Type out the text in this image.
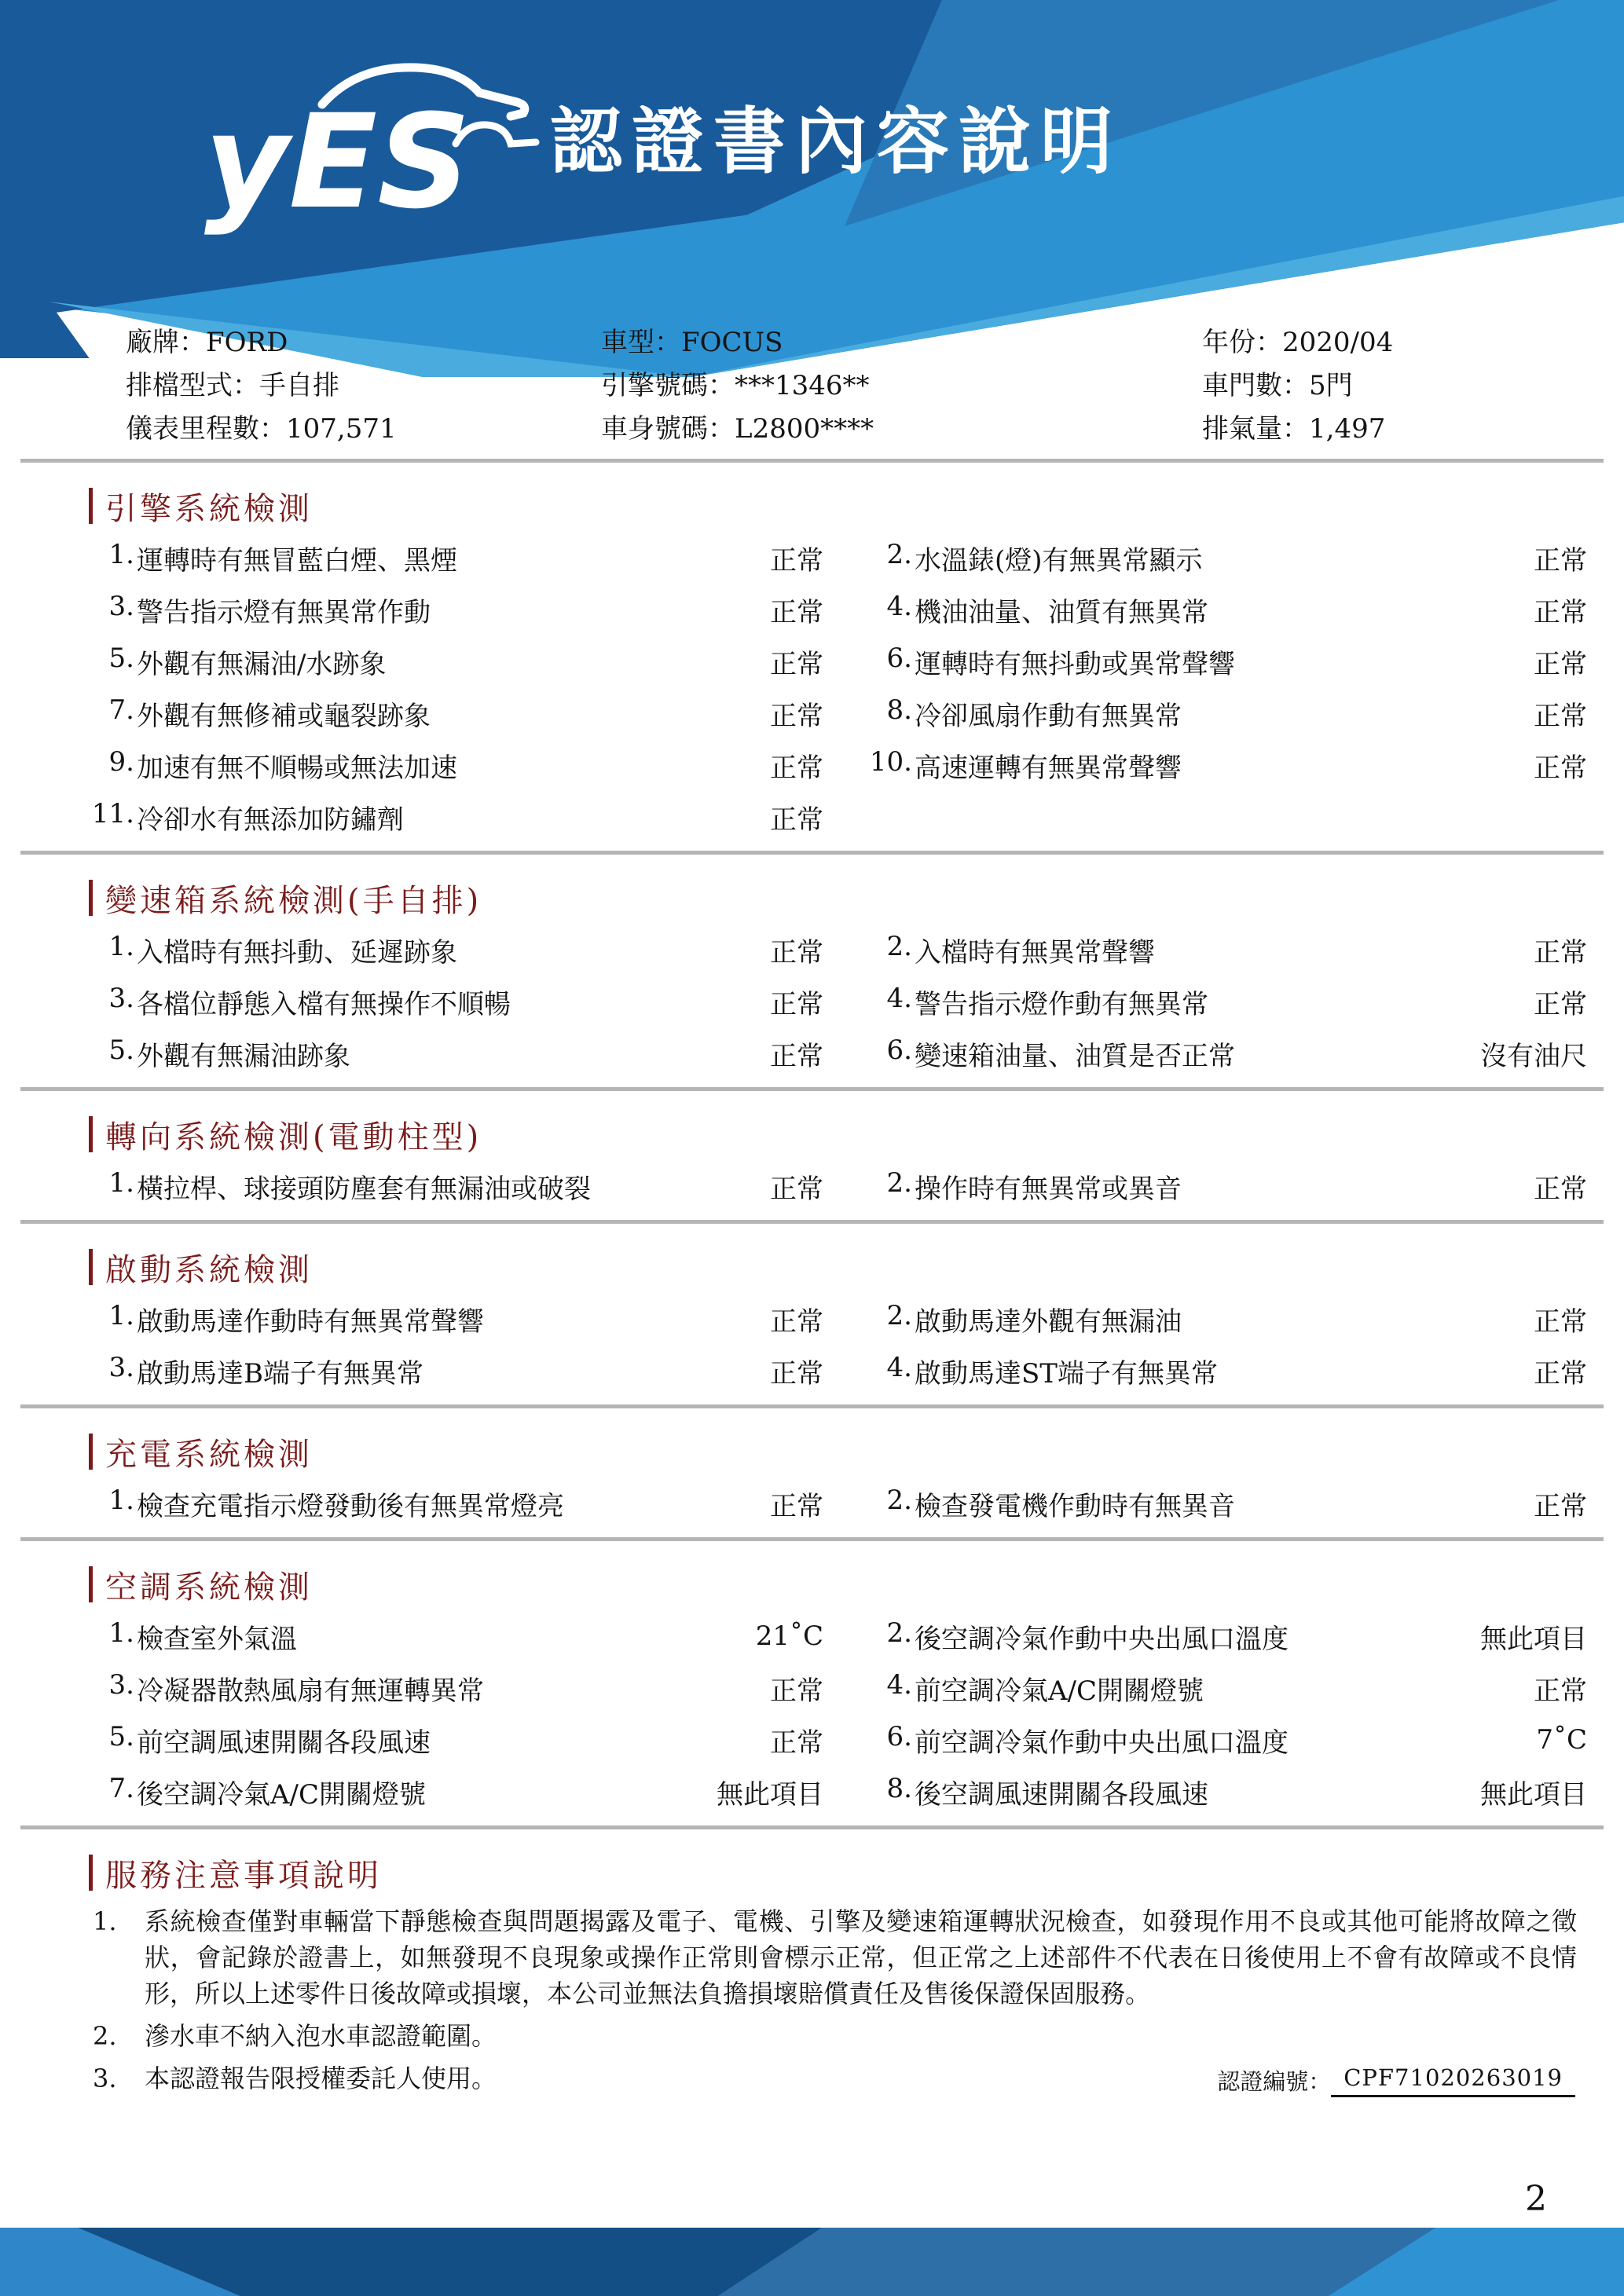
yES 認證書內容說明
廠牌：FORD	車型：FOCUS	年份：2020/04
排檔型式：手自排	引擎號碼：***1346**	車門數：5門
儀表里程數：107,571	車身號碼：L2800****	排氣量：1,497
引擎系統檢測
1. 運轉時有無冒藍白煙、黑煙	正常	2. 水溫錶(燈)有無異常顯示	正常
3. 警告指示燈有無異常作動	正常	4. 機油油量、油質有無異常	正常
5. 外觀有無漏油/水跡象	正常	6. 運轉時有無抖動或異常聲響	正常
7. 外觀有無修補或龜裂跡象	正常	8. 冷卻風扇作動有無異常	正常
9. 加速有無不順暢或無法加速	正常 10. 高速運轉有無異常聲響	正常
11. 冷卻水有無添加防鏽劑	正常
變速箱系統檢測(手自排)
1. 入檔時有無抖動、延遲跡象	正常	2. 入檔時有無異常聲響	正常
3. 各檔位靜態入檔有無操作不順暢	正常	4. 警告指示燈作動有無異常	正常
5. 外觀有無漏油跡象	正常	6. 變速箱油量、油質是否正常	沒有油尺
轉向系統檢測(電動柱型)
1. 橫拉桿、球接頭防塵套有無漏油或破裂	正常	2. 操作時有無異常或異音	正常
啟動系統檢測
1. 啟動馬達作動時有無異常聲響	正常	2. 啟動馬達外觀有無漏油	正常
3. 啟動馬達B端子有無異常	正常	4. 啟動馬達ST端子有無異常	正常
充電系統檢測
1. 檢查充電指示燈發動後有無異常燈亮	正常	2. 檢查發電機作動時有無異音	正常
空調系統檢測
1. 檢查室外氣溫	21˚C	2. 後空調冷氣作動中央出風口溫度	無此項目
3. 冷凝器散熱風扇有無運轉異常	正常	4. 前空調冷氣A/C開關燈號	正常
5. 前空調風速開關各段風速	正常	6. 前空調冷氣作動中央出風口溫度	7˚C
7. 後空調冷氣A/C開關燈號	無此項目	8. 後空調風速開關各段風速	無此項目
服務注意事項說明
1.	系統檢查僅對車輛當下靜態檢查與問題揭露及電子、電機、引擎及變速箱運轉狀況檢查，如發現作用不良或其他可能將故障之徵狀，會記錄於證書上，如無發現不良現象或操作正常則會標示正常，但正常之上述部件不代表在日後使用上不會有故障或不良情形，所以上述零件日後故障或損壞，本公司並無法負擔損壞賠償責任及售後保證保固服務。
2.	滲水車不納入泡水車認證範圍。
3.	本認證報告限授權委託人使用。	認證編號： CPF71020263019
2
